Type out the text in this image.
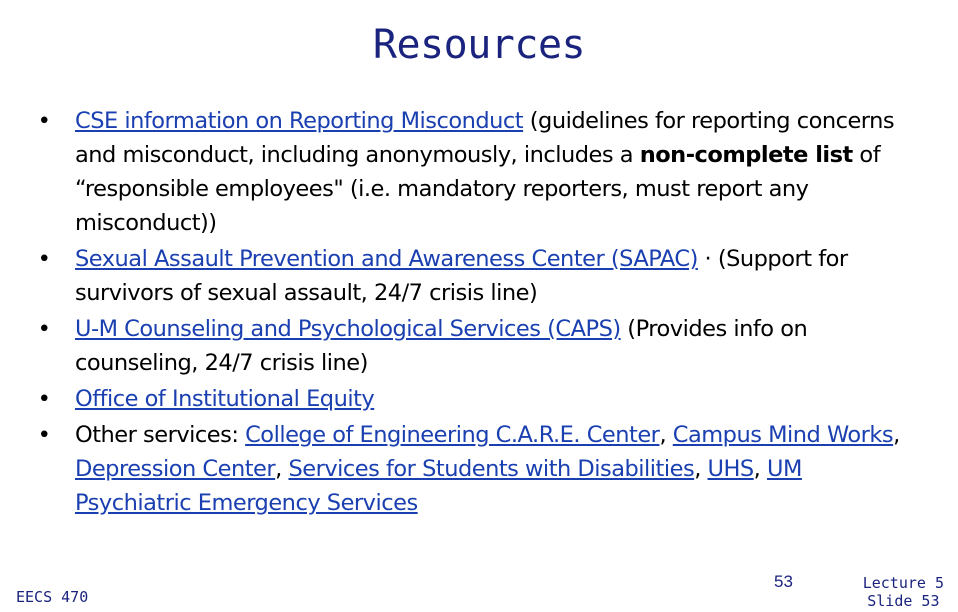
Resources
• CSE information on Reporting Misconduct (guidelines for reporting concerns and misconduct, including anonymously, includes a non-complete list of “responsible employees" (i.e. mandatory reporters, must report any misconduct))
• Sexual Assault Prevention and Awareness Center (SAPAC) · (Support for survivors of sexual assault, 24/7 crisis line)
• U-M Counseling and Psychological Services (CAPS) (Provides info on counseling, 24/7 crisis line)
• Office of Institutional Equity
• Other services: College of Engineering C.A.R.E. Center, Campus Mind Works, Depression Center, Services for Students with Disabilities, UHS, UM Psychiatric Emergency Services
EECS 470
53	Lecture 5
Slide 53
